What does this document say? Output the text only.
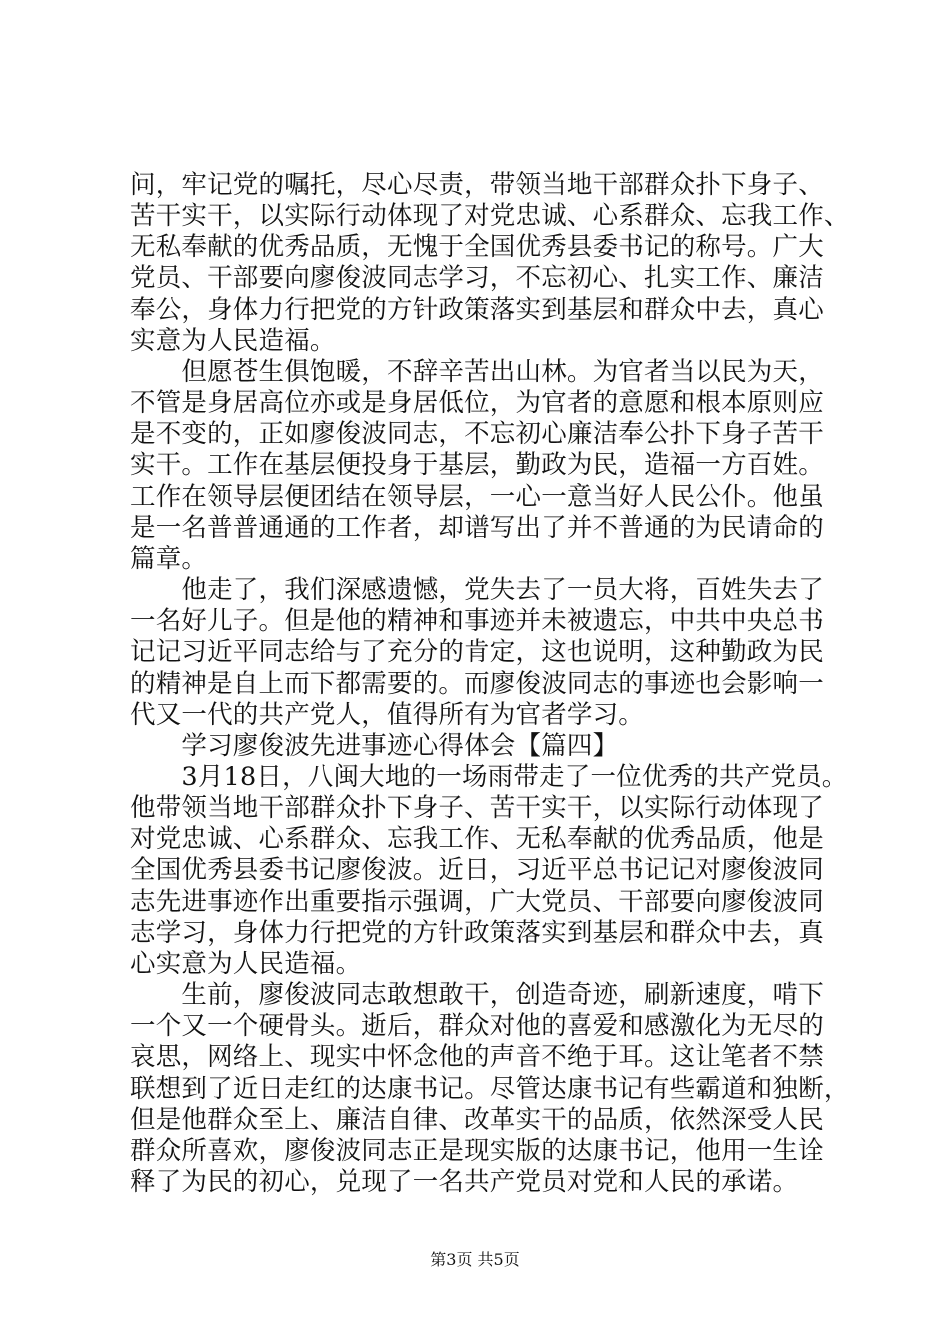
问，牢记党的嘱托，尽心尽责，带领当地干部群众扑下身子、
苦干实干，以实际行动体现了对党忠诚、心系群众、忘我工作、
无私奉献的优秀品质，无愧于全国优秀县委书记的称号。广大
党员、干部要向廖俊波同志学习，不忘初心、扎实工作、廉洁
奉公，身体力行把党的方针政策落实到基层和群众中去，真心
实意为人民造福。
　　但愿苍生俱饱暖，不辞辛苦出山林。为官者当以民为天，
不管是身居高位亦或是身居低位，为官者的意愿和根本原则应
是不变的，正如廖俊波同志，不忘初心廉洁奉公扑下身子苦干
实干。工作在基层便投身于基层，勤政为民，造福一方百姓。
工作在领导层便团结在领导层，一心一意当好人民公仆。他虽
是一名普普通通的工作者，却谱写出了并不普通的为民请命的
篇章。
　　他走了，我们深感遗憾，党失去了一员大将，百姓失去了
一名好儿子。但是他的精神和事迹并未被遗忘，中共中央总书
记记习近平同志给与了充分的肯定，这也说明，这种勤政为民
的精神是自上而下都需要的。而廖俊波同志的事迹也会影响一
代又一代的共产党人，值得所有为官者学习。
　　学习廖俊波先进事迹心得体会【篇四】
　　3月18日，八闽大地的一场雨带走了一位优秀的共产党员。
他带领当地干部群众扑下身子、苦干实干，以实际行动体现了
对党忠诚、心系群众、忘我工作、无私奉献的优秀品质，他是
全国优秀县委书记廖俊波。近日，习近平总书记记对廖俊波同
志先进事迹作出重要指示强调，广大党员、干部要向廖俊波同
志学习，身体力行把党的方针政策落实到基层和群众中去，真
心实意为人民造福。
　　生前，廖俊波同志敢想敢干，创造奇迹，刷新速度，啃下
一个又一个硬骨头。逝后，群众对他的喜爱和感激化为无尽的
哀思，网络上、现实中怀念他的声音不绝于耳。这让笔者不禁
联想到了近日走红的达康书记。尽管达康书记有些霸道和独断，
但是他群众至上、廉洁自律、改革实干的品质，依然深受人民
群众所喜欢，廖俊波同志正是现实版的达康书记，他用一生诠
释了为民的初心，兑现了一名共产党员对党和人民的承诺。
第3页 共5页
